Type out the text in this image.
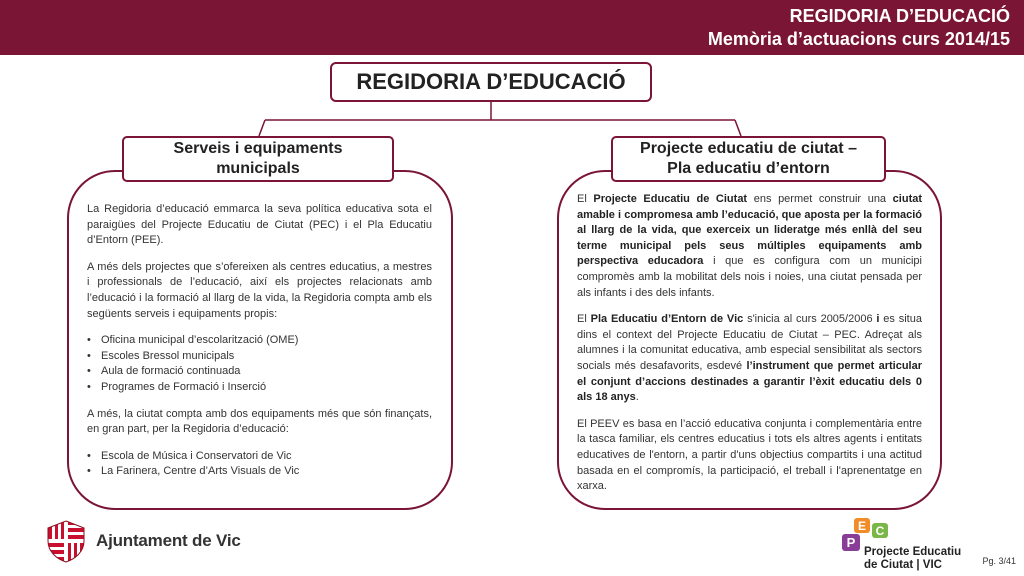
REGIDORIA D’EDUCACIÓ
Memòria d’actuacions curs 2014/15
REGIDORIA D’EDUCACIÓ
Serveis i equipaments
municipals

La Regidoria d’educació emmarca la seva política educativa sota el paraigües del Projecte Educatiu de Ciutat (PEC) i el Pla Educatiu d’Entorn (PEE).

A més dels projectes que s’ofereixen als centres educatius, a mestres i professionals de l’educació, així els projectes relacionats amb l’educació i la formació al llarg de la vida, la Regidoria compta amb els següents serveis i equipaments propis:

• Oficina municipal d’escolarització (OME)
• Escoles Bressol municipals
• Aula de formació continuada
• Programes de Formació i Inserció

A més, la ciutat compta amb dos equipaments més que són finançats, en gran part, per la Regidoria d’educació:

• Escola de Música i Conservatori de Vic
• La Farinera, Centre d’Arts Visuals de Vic
Projecte educatiu de ciutat –
Pla educatiu d’entorn

El Projecte Educatiu de Ciutat ens permet construir una ciutat amable i compromesa amb l’educació, que aposta per la formació al llarg de la vida, que exerceix un lideratge més enllà del seu terme municipal pels seus múltiples equipaments amb perspectiva educadora i que es configura com un municipi compromès amb la mobilitat dels nois i noies, una ciutat pensada per als infants i des dels infants.

El Pla Educatiu d’Entorn de Vic s'inicia al curs 2005/2006 i es situa dins el context del Projecte Educatiu de Ciutat – PEC. Adreçat als alumnes i la comunitat educativa, amb especial sensibilitat als sectors socials més desafavorits, esdevé l’instrument que permet articular el conjunt d’accions destinades a garantir l’èxit educatiu dels 0 als 18 anys.

El PEEV es basa en l’acció educativa conjunta i complementària entre la tasca familiar, els centres educatius i tots els altres agents i entitats educatives de l'entorn, a partir d'uns objectius compartits i una actitud basada en el compromís, la participació, el treball i l'aprenentatge en xarxa.

Ajuntament de Vic
E C
P
Projecte Educatiu
de Ciutat | VIC	Pg. 3/41
